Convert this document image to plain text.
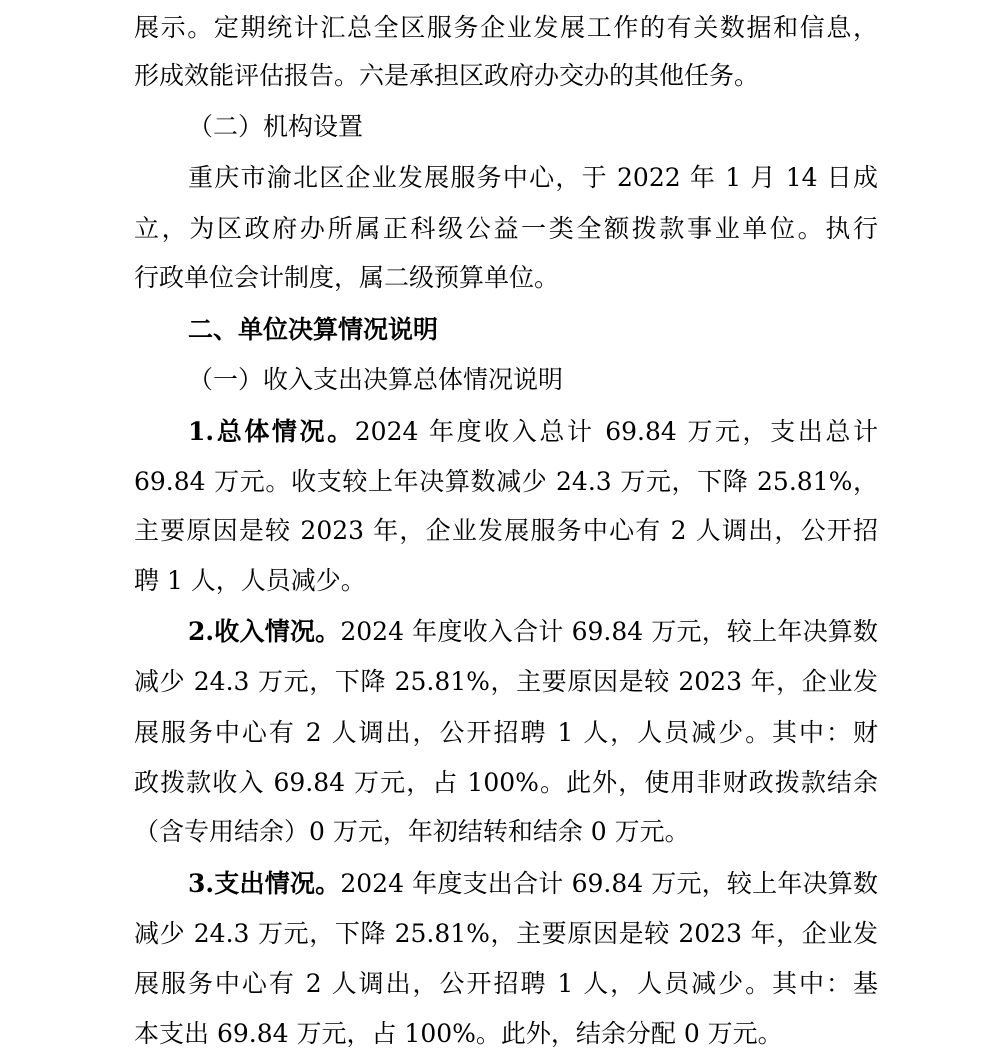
展示。定期统计汇总全区服务企业发展工作的有关数据和信息，
形成效能评估报告。六是承担区政府办交办的其他任务。
（二）机构设置
重庆市渝北区企业发展服务中心，于 2022 年 1 月 14 日成
立，为区政府办所属正科级公益一类全额拨款事业单位。执行
行政单位会计制度，属二级预算单位。
二、单位决算情况说明
（一）收入支出决算总体情况说明
1.总体情况。2024 年度收入总计 69.84 万元，支出总计
69.84 万元。收支较上年决算数减少 24.3 万元，下降 25.81%，
主要原因是较 2023 年，企业发展服务中心有 2 人调出，公开招
聘 1 人，人员减少。
2.收入情况。2024 年度收入合计 69.84 万元，较上年决算数
减少 24.3 万元，下降 25.81%，主要原因是较 2023 年，企业发
展服务中心有 2 人调出，公开招聘 1 人，人员减少。其中：财
政拨款收入 69.84 万元，占 100%。此外，使用非财政拨款结余
（含专用结余）0 万元，年初结转和结余 0 万元。
3.支出情况。2024 年度支出合计 69.84 万元，较上年决算数
减少 24.3 万元，下降 25.81%，主要原因是较 2023 年，企业发
展服务中心有 2 人调出，公开招聘 1 人，人员减少。其中：基
本支出 69.84 万元，占 100%。此外，结余分配 0 万元。
